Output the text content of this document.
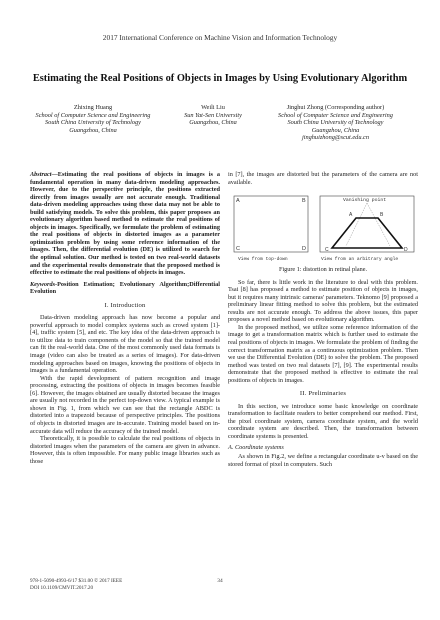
2017 International Conference on Machine Vision and Information Technology
Estimating the Real Positions of Objects in Images by Using Evolutionary Algorithm
Zhixing Huang
School of Computer Science and Engineering
South China University of Technology
Guangzhou, China
Weili Liu
Sun Yat-Sen University
Guangzhou, China
Jinghui Zhong (Corresponding author)
School of Computer Science and Engineering
South China University of Technology
Guangzhou, China
jinghuizhong@scut.edu.cn
Abstract—Estimating the real positions of objects in images is a fundamental operation in many data-driven modeling approaches. However, due to the perspective principle, the positions extracted directly from images usually are not accurate enough. Traditional data-driven modeling approaches using these data may not be able to build satisfying models. To solve this problem, this paper proposes an evolutionary algorithm based method to estimate the real positions of objects in images. Specifically, we formulate the problem of estimating the real positions of objects in distorted images as a parameter optimization problem by using some reference information of the images. Then, the differential evolution (DE) is utilized to search for the optimal solution. Our method is tested on two real-world datasets and the experimental results demonstrate that the proposed method is effective to estimate the real positions of objects in images.
Keywords-Position Estimation; Evolutionary Algorithm;Differential Evolution
I. Introduction

Data-driven modeling approach has now become a popular and powerful approach to model complex systems such as crowd system [1]-[4], traffic system [5], and etc. The key idea of the data-driven approach is to utilize data to train components of the model so that the trained model can fit the real-world data. One of the most commonly used data formats is image (video can also be treated as a series of images). For data-driven modeling approaches based on images, knowing the positions of objects in images is a fundamental operation.

With the rapid development of pattern recognition and image processing, extracting the positions of objects in images becomes feasible [6]. However, the images obtained are usually distorted because the images are usually not recorded in the perfect top-down view. A typical example is shown in Fig. 1, from which we can see that the rectangle ABDC is distorted into a trapezoid because of perspective principles. The positions of objects in distorted images are in-accurate. Training model based on in-accurate data will reduce the accuracy of the trained model.

Theoretically, it is possible to calculate the real positions of objects in distorted images when the parameters of the camera are given in advance. However, this is often impossible. For many public image libraries such as those

in [7], the images are distorted but the parameters of the camera are not available.

A	B
C	D
View from top-down
Vanishing point
A	B
C	D
View from an arbitrary angle
Figure 1: distortion in retinal plane.

So far, there is little work in the literature to deal with this problem. Tsai [8] has proposed a method to estimate position of objects in images, but it requires many intrinsic cameras' parameters. Teknomo [9] proposed a preliminary linear fitting method to solve this problem, but the estimated results are not accurate enough. To address the above issues, this paper proposes a novel method based on evolutionary algorithm.

In the proposed method, we utilize some reference information of the image to get a transformation matrix which is further used to estimate the real positions of objects in images. We formulate the problem of finding the correct transformation matrix as a continuous optimization problem. Then we use the Differential Evolution (DE) to solve the problem. The proposed method was tested on two real datasets [7], [9]. The experimental results demonstrate that the proposed method is effective to estimate the real positions of objects in images.

II. Preliminaries

In this section, we introduce some basic knowledge on coordinate transformation to facilitate readers to better comprehend our method. First, the pixel coordinate system, camera coordinate system, and the world coordinate system are described. Then, the transformation between coordinate systems is presented.

A. Coordinate systems

As shown in Fig.2, we define a rectangular coordinate u-v based on the stored format of pixel in computers. Such

978-1-5090-4993-6/17 $31.00 © 2017 IEEE
DOI 10.1109/CMVIT.2017.20
34
